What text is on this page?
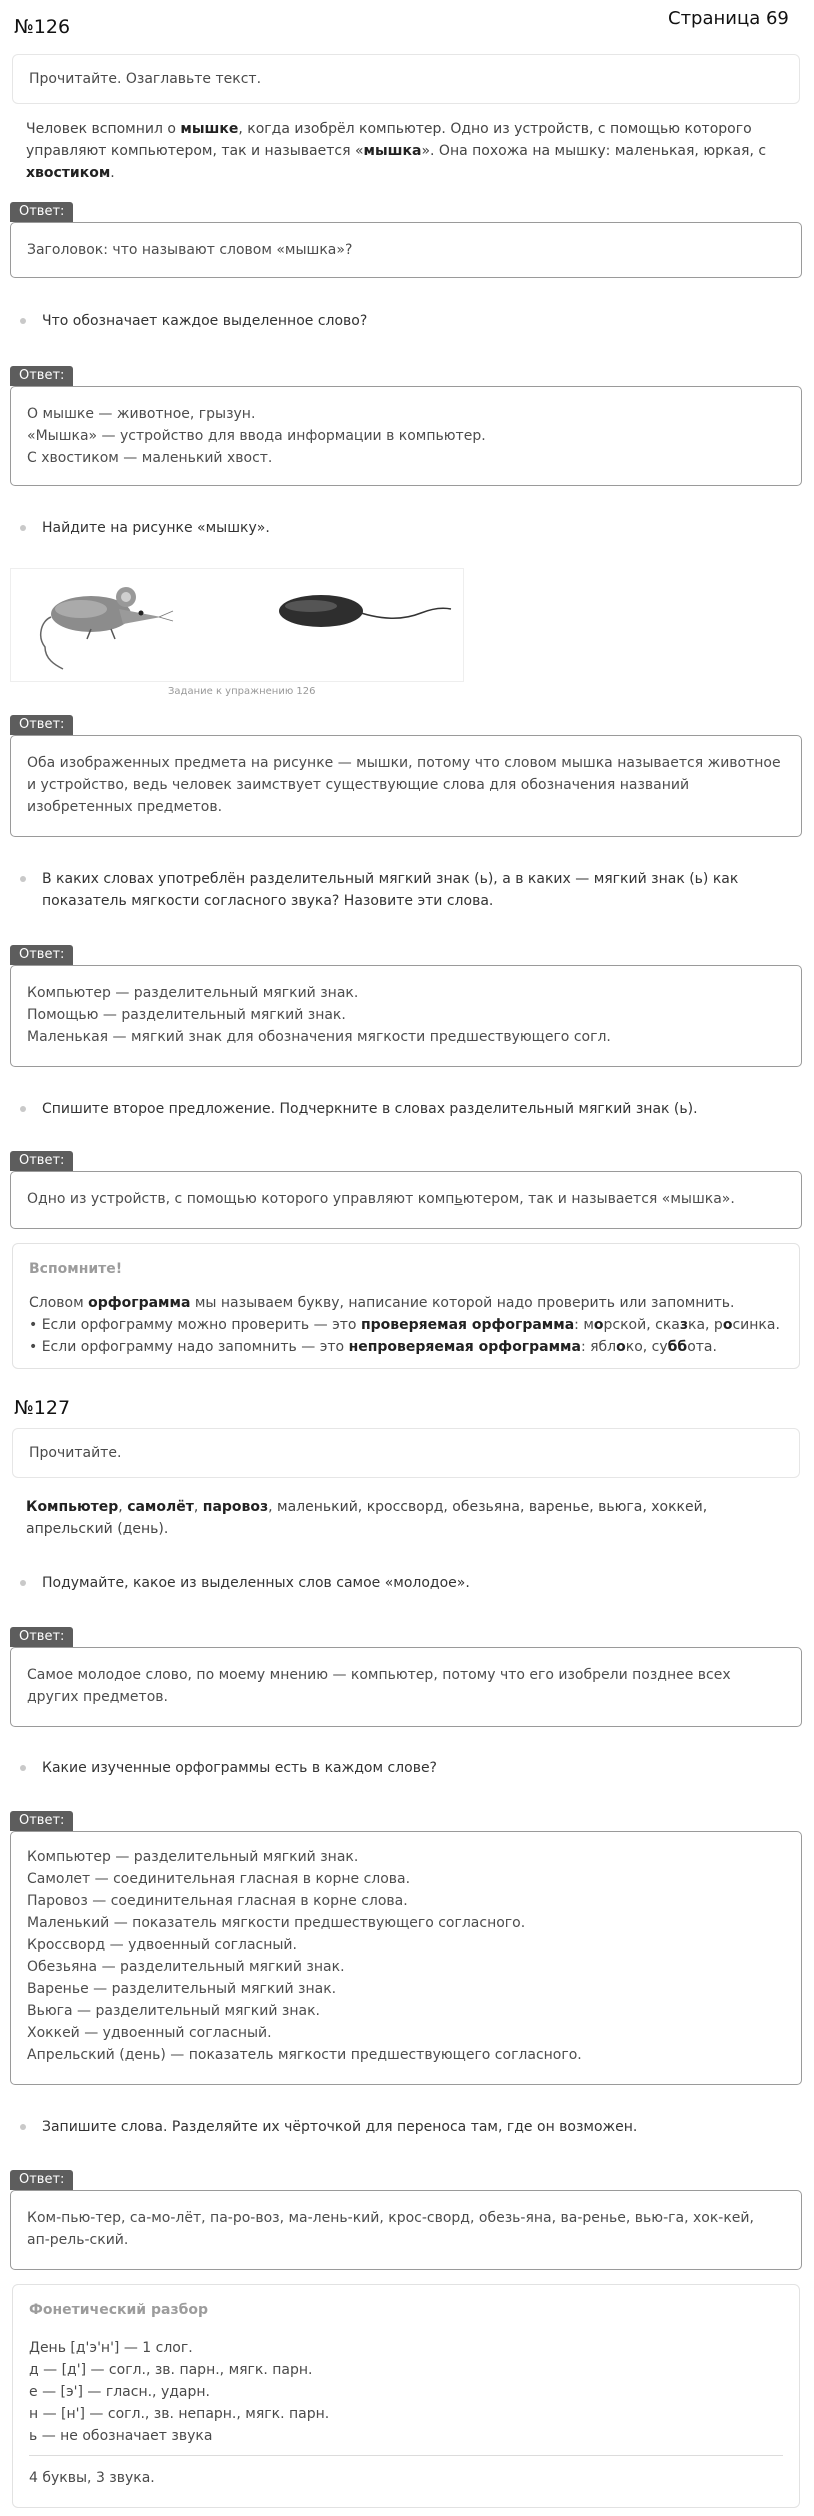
№126	Страница 69
Прочитайте. Озаглавьте текст.
Человек вспомнил о мышке, когда изобрёл компьютер. Одно из устройств, с помощью которого
управляют компьютером, так и называется «мышка». Она похожа на мышку: маленькая, юркая, с
хвостиком.
Ответ:
Заголовок: что называют словом «мышка»?
Что обозначает каждое выделенное слово?
Ответ:
О мышке — животное, грызун.
«Мышка» — устройство для ввода информации в компьютер.
С хвостиком — маленький хвост.
Найдите на рисунке «мышку».
Задание к упражнению 126
Ответ:
Оба изображенных предмета на рисунке — мышки, потому что словом мышка называется животное
и устройство, ведь человек заимствует существующие слова для обозначения названий
изобретенных предметов.
В каких словах употреблён разделительный мягкий знак (ь), а в каких — мягкий знак (ь) как
показатель мягкости согласного звука? Назовите эти слова.
Ответ:
Компьютер — разделительный мягкий знак.
Помощью — разделительный мягкий знак.
Маленькая — мягкий знак для обозначения мягкости предшествующего согл.
Спишите второе предложение. Подчеркните в словах разделительный мягкий знак (ь).
Ответ:
Одно из устройств, с помощью которого управляют компьютером, так и называется «мышка».
Вспомните!
Словом орфограмма мы называем букву, написание которой надо проверить или запомнить.
• Если орфограмму можно проверить — это проверяемая орфограмма: морской, сказка, росинка.
• Если орфограмму надо запомнить — это непроверяемая орфограмма: яблоко, суббота.
№127
Прочитайте.
Компьютер, самолёт, паровоз, маленький, кроссворд, обезьяна, варенье, вьюга, хоккей,
апрельский (день).
Подумайте, какое из выделенных слов самое «молодое».
Ответ:
Самое молодое слово, по моему мнению — компьютер, потому что его изобрели позднее всех
других предметов.
Какие изученные орфограммы есть в каждом слове?
Ответ:
Компьютер — разделительный мягкий знак.
Самолет — соединительная гласная в корне слова.
Паровоз — соединительная гласная в корне слова.
Маленький — показатель мягкости предшествующего согласного.
Кроссворд — удвоенный согласный.
Обезьяна — разделительный мягкий знак.
Варенье — разделительный мягкий знак.
Вьюга — разделительный мягкий знак.
Хоккей — удвоенный согласный.
Апрельский (день) — показатель мягкости предшествующего согласного.
Запишите слова. Разделяйте их чёрточкой для переноса там, где он возможен.
Ответ:
Ком-пью-тер, са-мо-лёт, па-ро-воз, ма-лень-кий, крос-сворд, обезь-яна, ва-ренье, вью-га, хок-кей,
ап-рель-ский.
Фонетический разбор
День [д'э'н'] — 1 слог.
д — [д'] — согл., зв. парн., мягк. парн.
е — [э'] — гласн., ударн.
н — [н'] — согл., зв. непарн., мягк. парн.
ь — не обозначает звука
4 буквы, 3 звука.
